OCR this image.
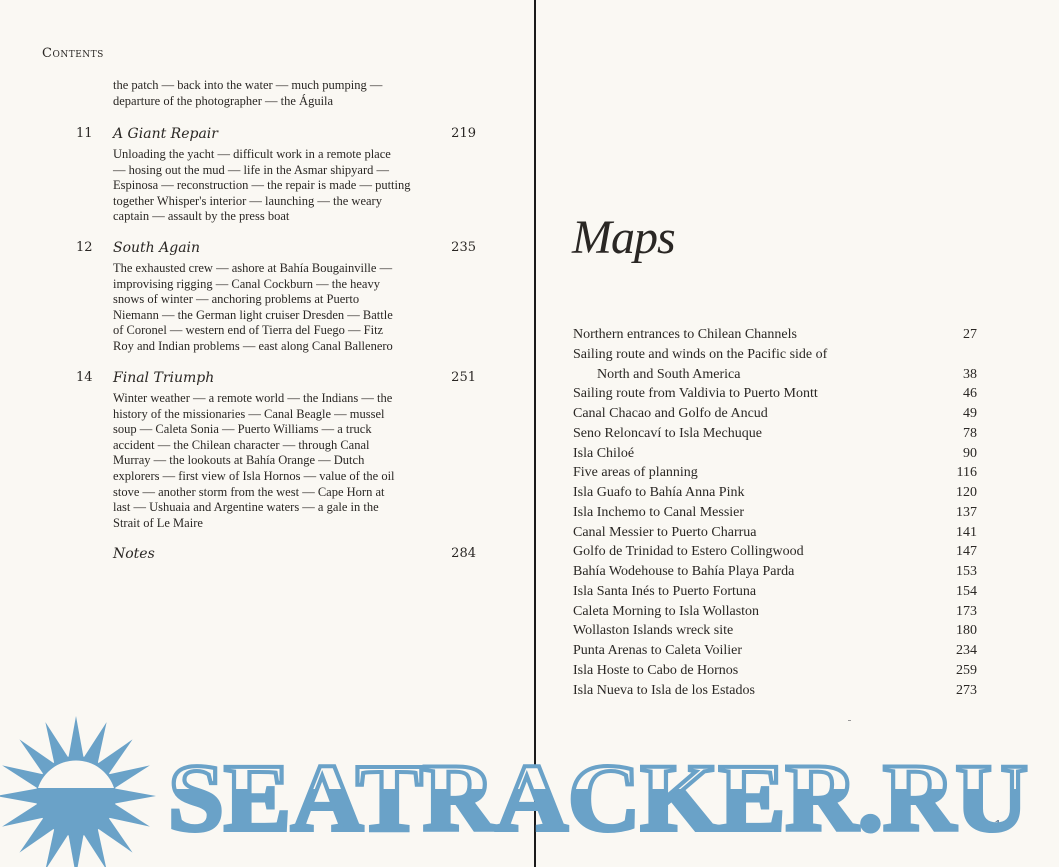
Contents
the patch — back into the water — much pumping —
departure of the photographer — the Águila
11 A Giant Repair	219
Unloading the yacht — difficult work in a remote place
— hosing out the mud — life in the Asmar shipyard —
Espinosa — reconstruction — the repair is made — putting
together Whisper's interior — launching — the weary
captain — assault by the press boat
12 South Again	235
The exhausted crew — ashore at Bahía Bougainville —
improvising rigging — Canal Cockburn — the heavy
snows of winter — anchoring problems at Puerto
Niemann — the German light cruiser Dresden — Battle
of Coronel — western end of Tierra del Fuego — Fitz
Roy and Indian problems — east along Canal Ballenero
14 Final Triumph	251
Winter weather — a remote world — the Indians — the
history of the missionaries — Canal Beagle — mussel
soup — Caleta Sonia — Puerto Williams — a truck
accident — the Chilean character — through Canal
Murray — the lookouts at Bahía Orange — Dutch
explorers — first view of Isla Hornos — value of the oil
stove — another storm from the west — Cape Horn at
last — Ushuaia and Argentine waters — a gale in the
Strait of Le Maire
Notes	284
Maps
Northern entrances to Chilean Channels	27
Sailing route and winds on the Pacific side of
North and South America	38
Sailing route from Valdivia to Puerto Montt	46
Canal Chacao and Golfo de Ancud	49
Seno Reloncaví to Isla Mechuque	78
Isla Chiloé	90
Five areas of planning	116
Isla Guafo to Bahía Anna Pink	120
Isla Inchemo to Canal Messier	137
Canal Messier to Puerto Charrua	141
Golfo de Trinidad to Estero Collingwood	147
Bahía Wodehouse to Bahía Playa Parda	153
Isla Santa Inés to Puerto Fortuna	154
Caleta Morning to Isla Wollaston	173
Wollaston Islands wreck site	180
Punta Arenas to Caleta Voilier	234
Isla Hoste to Cabo de Hornos	259
Isla Nueva to Isla de los Estados	273
19
SEATRACKER.RU
